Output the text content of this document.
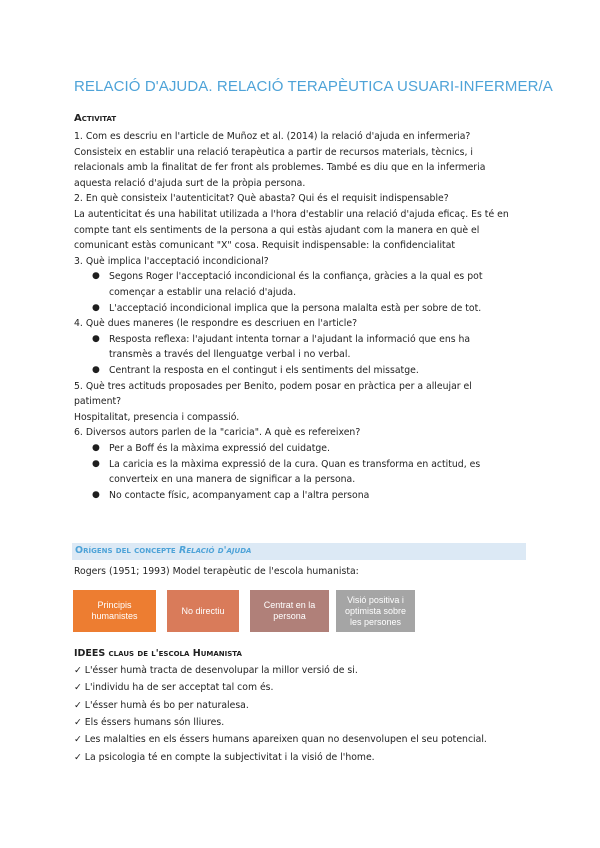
RELACIÓ D'AJUDA. RELACIÓ TERAPÈUTICA USUARI-INFERMER/A
Activitat
1. Com es descriu en l'article de Muñoz et al. (2014) la relació d'ajuda en infermeria?
Consisteix en establir una relació terapèutica a partir de recursos materials, tècnics, i
relacionals amb la finalitat de fer front als problemes. També es diu que en la infermeria
aquesta relació d'ajuda surt de la pròpia persona.
2. En què consisteix l'autenticitat? Què abasta? Qui és el requisit indispensable?
La autenticitat és una habilitat utilizada a l'hora d'establir una relació d'ajuda eficaç. Es té en
compte tant els sentiments de la persona a qui estàs ajudant com la manera en què el
comunicant estàs comunicant "X" cosa. Requisit indispensable: la confidencialitat
3. Què implica l'acceptació incondicional?
● Segons Roger l'acceptació incondicional és la confiança, gràcies a la qual es pot
començar a establir una relació d'ajuda.
● L'acceptació incondicional implica que la persona malalta està per sobre de tot.
4. Què dues maneres (le respondre es descriuen en l'article?
● Resposta reflexa: l'ajudant intenta tornar a l'ajudant la informació que ens ha
transmès a través del llenguatge verbal i no verbal.
● Centrant la resposta en el contingut i els sentiments del missatge.
5. Què tres actituds proposades per Benito, podem posar en pràctica per a alleujar el
patiment?
Hospitalitat, presencia i compassió.
6. Diversos autors parlen de la "caricia". A què es refereixen?
● Per a Boff és la màxima expressió del cuidatge.
● La caricia es la màxima expressió de la cura. Quan es transforma en actitud, es
converteix en una manera de significar a la persona.
● No contacte físic, acompanyament cap a l'altra persona
Orígens del concepte Relació d'ajuda
Rogers (1951; 1993) Model terapèutic de l'escola humanista:
Principis
humanistes
No directiu
Centrat en la
persona
Visió positiva i
optimista sobre
les persones
IDEES claus de l'escola Humanista
✓ L'ésser humà tracta de desenvolupar la millor versió de si.
✓ L'individu ha de ser acceptat tal com és.
✓ L'ésser humà és bo per naturalesa.
✓ Els éssers humans són lliures.
✓ Les malalties en els éssers humans apareixen quan no desenvolupen el seu potencial.
✓ La psicologia té en compte la subjectivitat i la visió de l'home.
